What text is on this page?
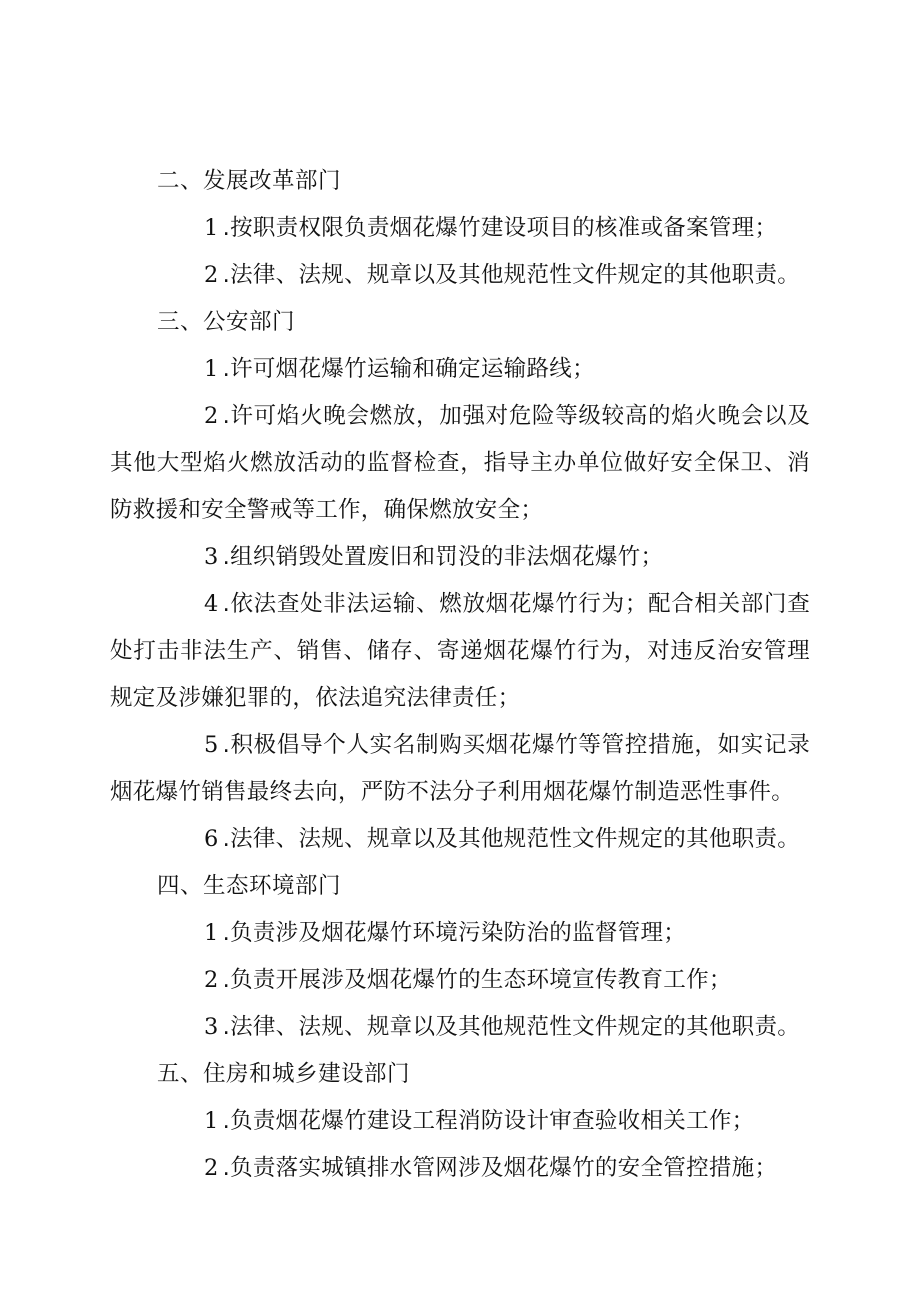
二、发展改革部门

1 .按职责权限负责烟花爆竹建设项目的核准或备案管理；

2 .法律、法规、规章以及其他规范性文件规定的其他职责。

三、公安部门

1 .许可烟花爆竹运输和确定运输路线；

2 .许可焰火晚会燃放，加强对危险等级较高的焰火晚会以及其他大型焰火燃放活动的监督检查，指导主办单位做好安全保卫、消防救援和安全警戒等工作，确保燃放安全；

3 .组织销毁处置废旧和罚没的非法烟花爆竹；

4 .依法查处非法运输、燃放烟花爆竹行为；配合相关部门查处打击非法生产、销售、储存、寄递烟花爆竹行为，对违反治安管理规定及涉嫌犯罪的，依法追究法律责任；

5 .积极倡导个人实名制购买烟花爆竹等管控措施，如实记录烟花爆竹销售最终去向，严防不法分子利用烟花爆竹制造恶性事件。

6 .法律、法规、规章以及其他规范性文件规定的其他职责。

四、生态环境部门

1 .负责涉及烟花爆竹环境污染防治的监督管理；

2 .负责开展涉及烟花爆竹的生态环境宣传教育工作；

3 .法律、法规、规章以及其他规范性文件规定的其他职责。

五、住房和城乡建设部门

1 .负责烟花爆竹建设工程消防设计审查验收相关工作；

2 .负责落实城镇排水管网涉及烟花爆竹的安全管控措施；
